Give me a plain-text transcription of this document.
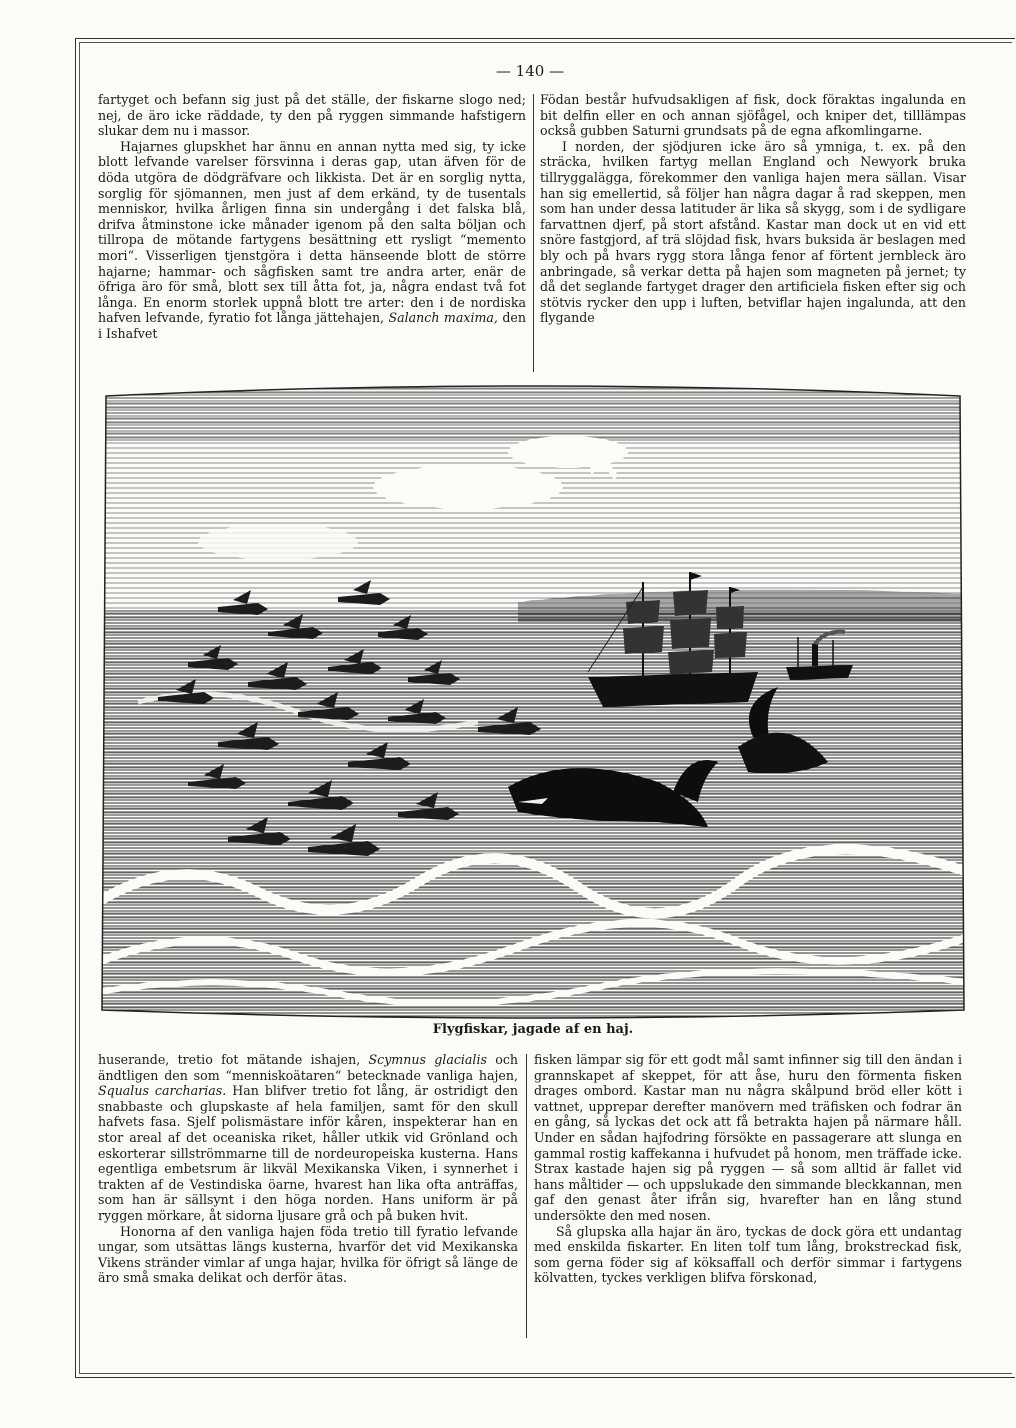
— 140 —

fartyget och befann sig just på det ställe, der fiskarne slogo ned; nej, de äro icke räddade, ty den på ryggen simmande hafstigern slukar dem nu i massor.

Hajarnes glupskhet har ännu en annan nytta med sig, ty icke blott lefvande varelser försvinna i deras gap, utan äfven för de döda utgöra de dödgräfvare och likkista. Det är en sorglig nytta, sorglig för sjömannen, men just af dem erkänd, ty de tusentals menniskor, hvilka årligen finna sin undergång i det falska blå, drifva åtminstone icke månader igenom på den salta böljan och tillropa de mötande fartygens besättning ett rysligt “memento mori“. Visserligen tjenstgöra i detta hänseende blott de större hajarne; hammar- och sågfisken samt tre andra arter, enär de öfriga äro för små, blott sex till åtta fot, ja, några endast två fot långa. En enorm storlek uppnå blott tre arter: den i de nordiska hafven lefvande, fyratio fot långa jättehajen, Salanch maxima, den i Ishafvet

Födan består hufvudsakligen af fisk, dock föraktas ingalunda en bit delfin eller en och annan sjöfågel, och kniper det, tilllämpas också gubben Saturni grundsats på de egna afkomlingarne.

I norden, der sjödjuren icke äro så ymniga, t. ex. på den sträcka, hvilken fartyg mellan England och Newyork bruka tillryggalägga, förekommer den vanliga hajen mera sällan. Visar han sig emellertid, så följer han några dagar å rad skeppen, men som han under dessa latituder är lika så skygg, som i de sydligare farvattnen djerf, på stort afstånd. Kastar man dock ut en vid ett snöre fastgjord, af trä slöjdad fisk, hvars buksida är beslagen med bly och på hvars rygg stora långa fenor af förtent jernbleck äro anbringade, så verkar detta på hajen som magneten på jernet; ty då det seglande fartyget drager den artificiela fisken efter sig och stötvis rycker den upp i luften, betviflar hajen ingalunda, att den flygande

Flygfiskar, jagade af en haj.

huserande, tretio fot mätande ishajen, Scymnus glacialis och ändtligen den som “menniskoätaren“ betecknade vanliga hajen, Squalus carcharias. Han blifver tretio fot lång, är ostridigt den snabbaste och glupskaste af hela familjen, samt för den skull hafvets fasa. Sjelf polismästare inför kåren, inspekterar han en stor areal af det oceaniska riket, håller utkik vid Grönland och eskorterar sillströmmarne till de nordeuropeiska kusterna. Hans egentliga embetsrum är likväl Mexikanska Viken, i synnerhet i trakten af de Vestindiska öarne, hvarest han lika ofta anträffas, som han är sällsynt i den höga norden. Hans uniform är på ryggen mörkare, åt sidorna ljusare grå och på buken hvit.

Honorna af den vanliga hajen föda tretio till fyratio lefvande ungar, som utsättas längs kusterna, hvarför det vid Mexikanska Vikens stränder vimlar af unga hajar, hvilka för öfrigt så länge de äro små smaka delikat och derför ätas.

fisken lämpar sig för ett godt mål samt infinner sig till den ändan i grannskapet af skeppet, för att åse, huru den förmenta fisken drages ombord. Kastar man nu några skålpund bröd eller kött i vattnet, upprepar derefter manövern med träfisken och fodrar än en gång, så lyckas det ock att få betrakta hajen på närmare håll. Under en sådan hajfodring försökte en passagerare att slunga en gammal rostig kaffekanna i hufvudet på honom, men träffade icke. Strax kastade hajen sig på ryggen — så som alltid är fallet vid hans måltider — och uppslukade den simmande bleckkannan, men gaf den genast åter ifrån sig, hvarefter han en lång stund undersökte den med nosen.

Så glupska alla hajar än äro, tyckas de dock göra ett undantag med enskilda fiskarter. En liten tolf tum lång, brokstreckad fisk, som gerna föder sig af köksaffall och derför simmar i fartygens kölvatten, tyckes verkligen blifva förskonad,
